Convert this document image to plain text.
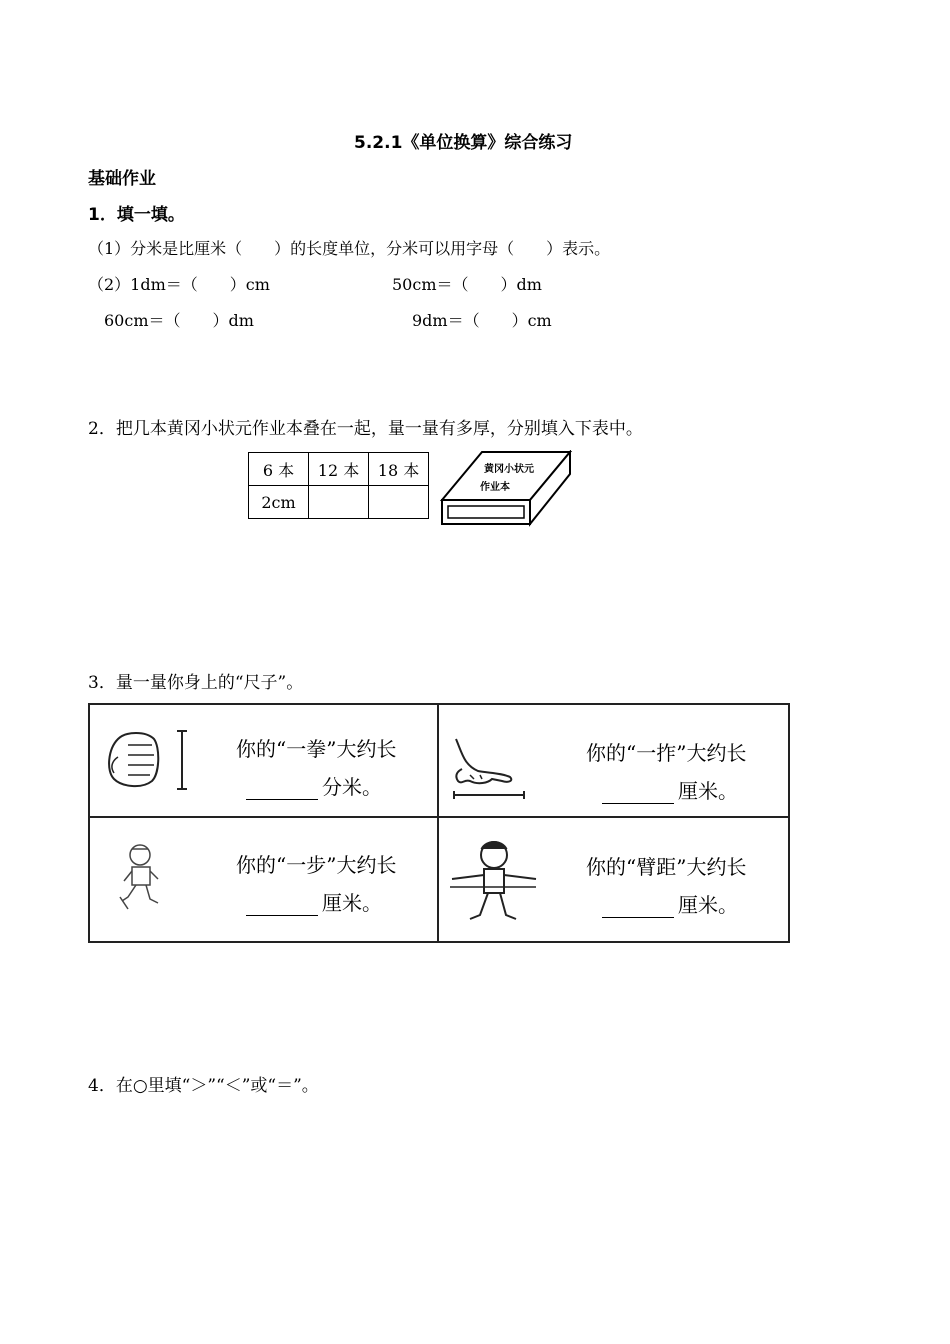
5.2.1《单位换算》综合练习
基础作业
1．填一填。
（1）分米是比厘米（　　）的长度单位，分米可以用字母（　　）表示。
（2）1dm＝（　　）cm	50cm＝（　　）dm
60cm＝（　　）dm	9dm＝（　　）cm
2．把几本黄冈小状元作业本叠在一起，量一量有多厚，分别填入下表中。
6 本	12 本	18 本
2cm		
黄冈小状元
作业本
3．量一量你身上的“尺子”。
你的“一拳”大约长
分米。
你的“一拃”大约长
厘米。
你的“一步”大约长
厘米。
你的“臂距”大约长
厘米。
4．在○里填“＞”“＜”或“＝”。
